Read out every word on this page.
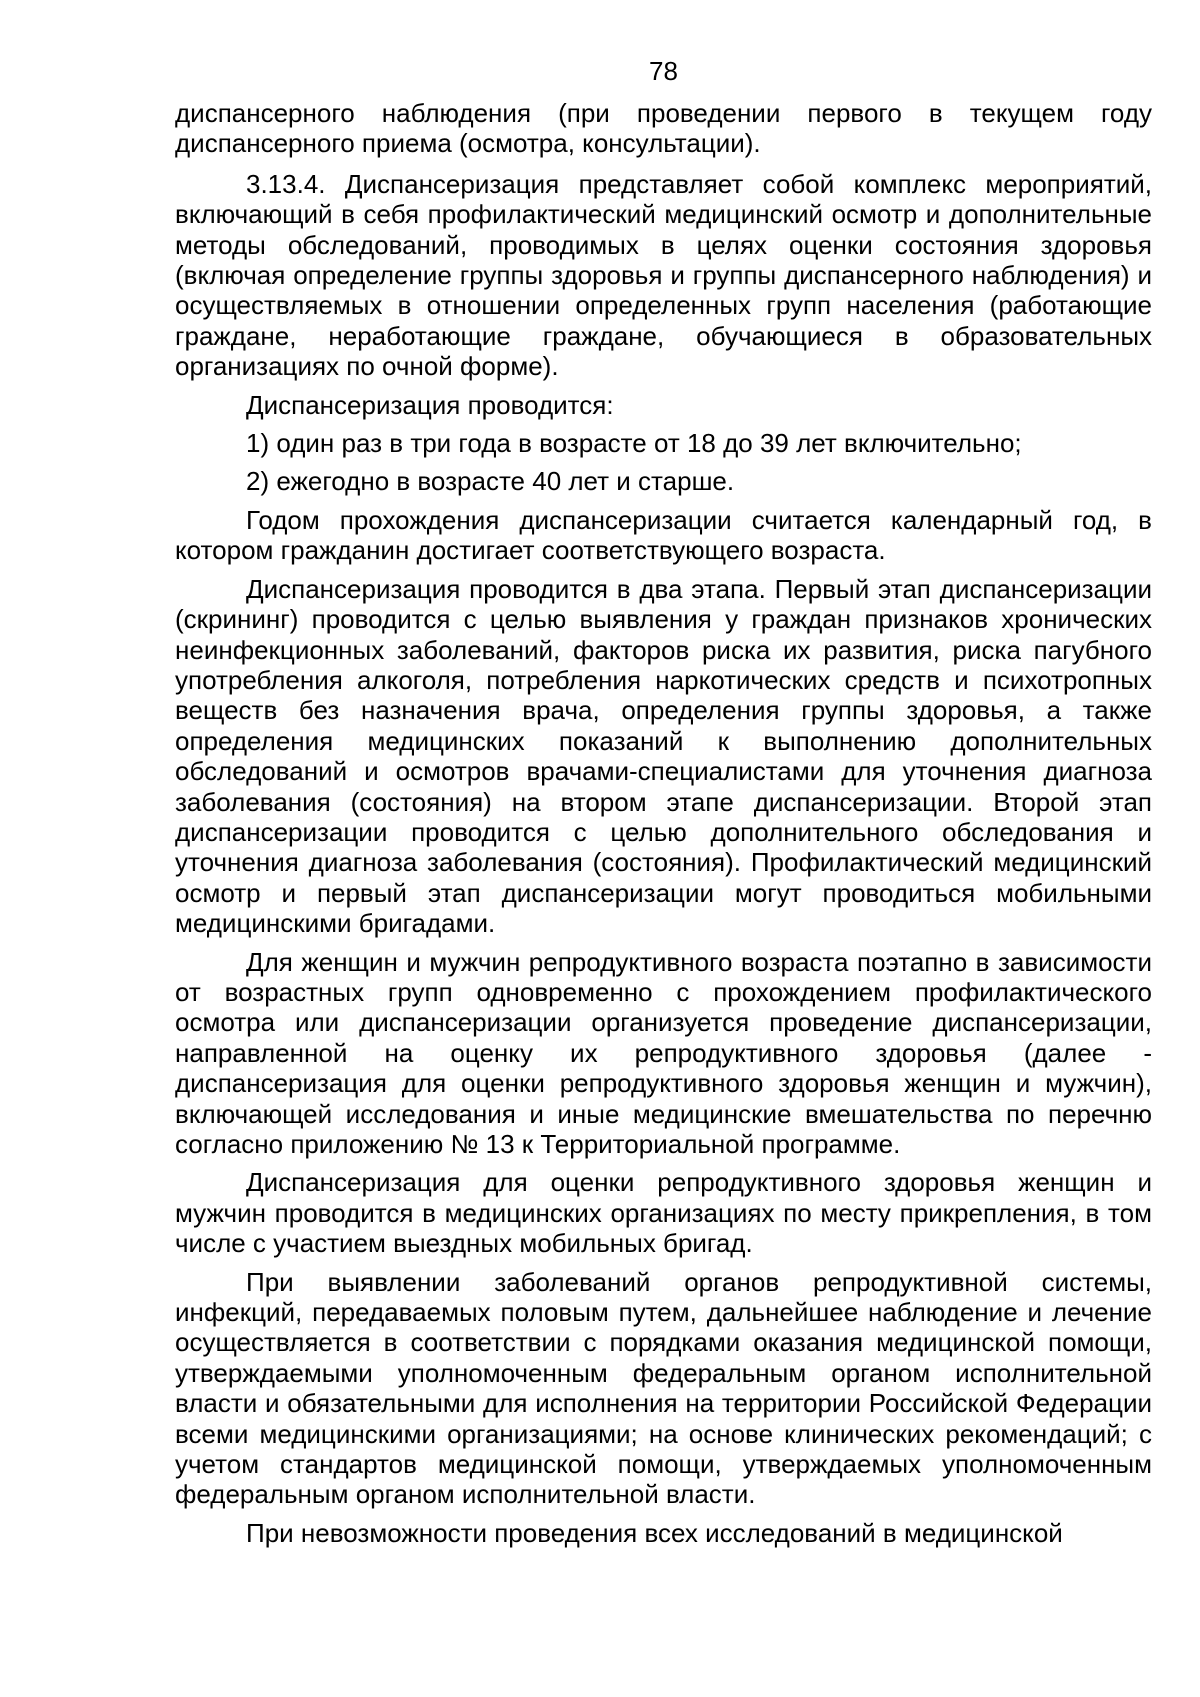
78

диспансерного наблюдения (при проведении первого в текущем году диспансерного приема (осмотра, консультации).

3.13.4. Диспансеризация представляет собой комплекс мероприятий, включающий в себя профилактический медицинский осмотр и дополнительные методы обследований, проводимых в целях оценки состояния здоровья (включая определение группы здоровья и группы диспансерного наблюдения) и осуществляемых в отношении определенных групп населения (работающие граждане, неработающие граждане, обучающиеся в образовательных организациях по очной форме).

Диспансеризация проводится:

1) один раз в три года в возрасте от 18 до 39 лет включительно;

2) ежегодно в возрасте 40 лет и старше.

Годом прохождения диспансеризации считается календарный год, в котором гражданин достигает соответствующего возраста.

Диспансеризация проводится в два этапа. Первый этап диспансеризации (скрининг) проводится с целью выявления у граждан признаков хронических неинфекционных заболеваний, факторов риска их развития, риска пагубного употребления алкоголя, потребления наркотических средств и психотропных веществ без назначения врача, определения группы здоровья, а также определения медицинских показаний к выполнению дополнительных обследований и осмотров врачами-специалистами для уточнения диагноза заболевания (состояния) на втором этапе диспансеризации. Второй этап диспансеризации проводится с целью дополнительного обследования и уточнения диагноза заболевания (состояния). Профилактический медицинский осмотр и первый этап диспансеризации могут проводиться мобильными медицинскими бригадами.

Для женщин и мужчин репродуктивного возраста поэтапно в зависимости от возрастных групп одновременно с прохождением профилактического осмотра или диспансеризации организуется проведение диспансеризации, направленной на оценку их репродуктивного здоровья (далее - диспансеризация для оценки репродуктивного здоровья женщин и мужчин), включающей исследования и иные медицинские вмешательства по перечню согласно приложению № 13 к Территориальной программе.

Диспансеризация для оценки репродуктивного здоровья женщин и мужчин проводится в медицинских организациях по месту прикрепления, в том числе с участием выездных мобильных бригад.

При выявлении заболеваний органов репродуктивной системы, инфекций, передаваемых половым путем, дальнейшее наблюдение и лечение осуществляется в соответствии с порядками оказания медицинской помощи, утверждаемыми уполномоченным федеральным органом исполнительной власти и обязательными для исполнения на территории Российской Федерации всеми медицинскими организациями; на основе клинических рекомендаций; с учетом стандартов медицинской помощи, утверждаемых уполномоченным федеральным органом исполнительной власти.

При невозможности проведения всех исследований в медицинской
